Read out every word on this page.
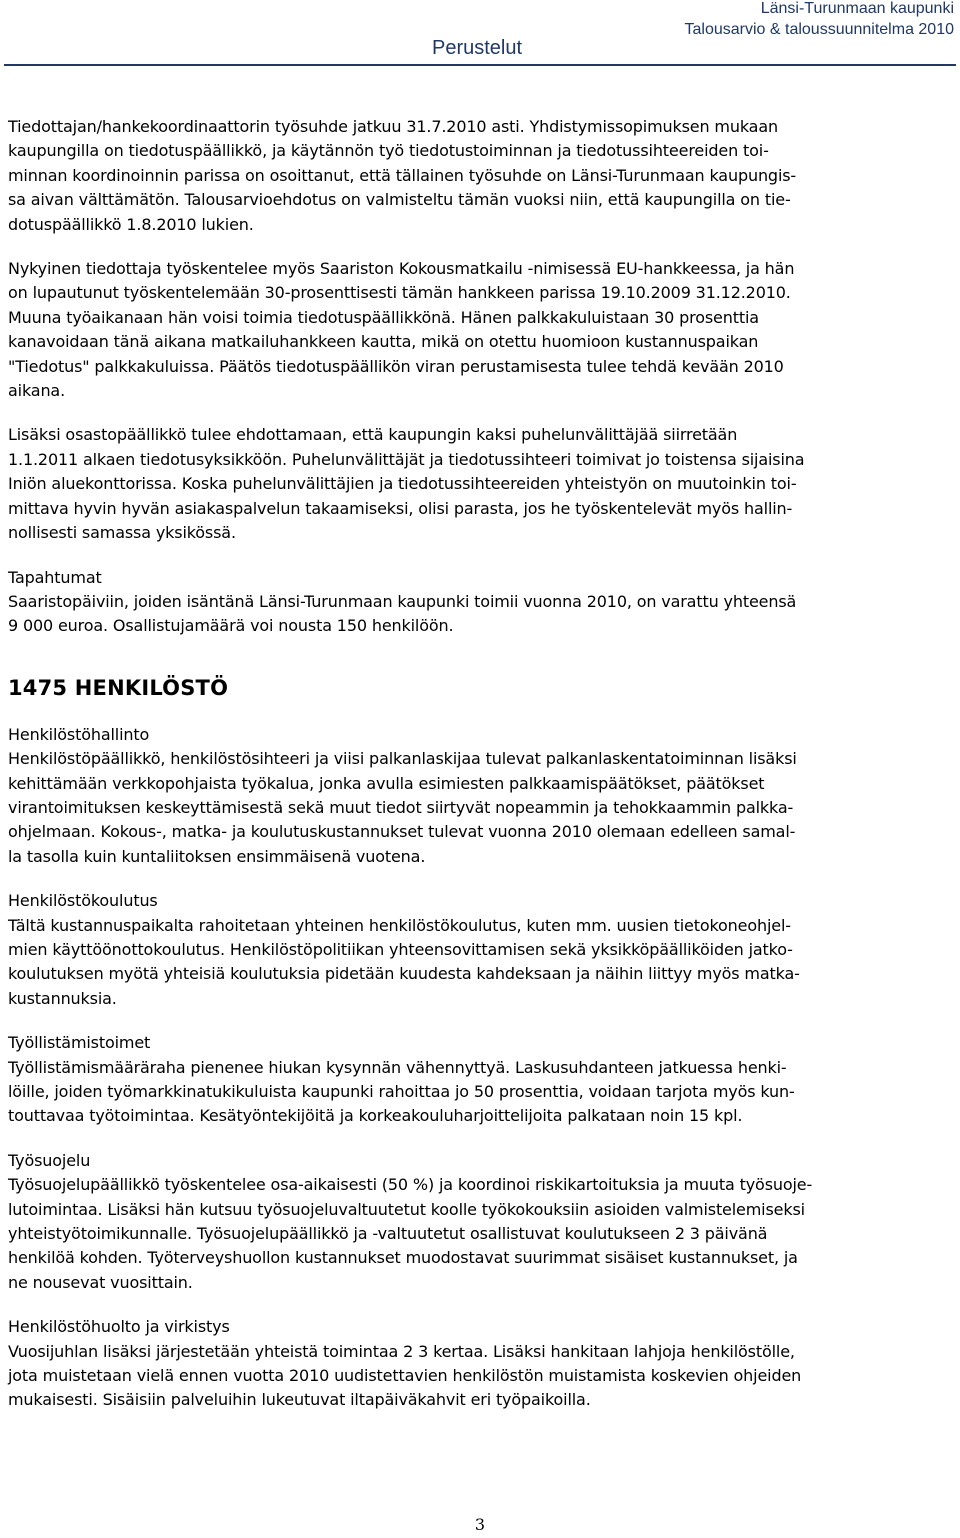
Perustelut
Länsi-Turunmaan kaupunki
Talousarvio & taloussuunnitelma 2010

Tiedottajan/hankekoordinaattorin työsuhde jatkuu 31.7.2010 asti. Yhdistymissopimuksen mukaan
kaupungilla on tiedotuspäällikkö, ja käytännön työ tiedotustoiminnan ja tiedotussihteereiden toi-
minnan koordinoinnin parissa on osoittanut, että tällainen työsuhde on Länsi-Turunmaan kaupungis-
sa aivan välttämätön. Talousarvioehdotus on valmisteltu tämän vuoksi niin, että kaupungilla on tie-
dotuspäällikkö 1.8.2010 lukien.

Nykyinen tiedottaja työskentelee myös Saariston Kokousmatkailu -nimisessä EU-hankkeessa, ja hän
on lupautunut työskentelemään 30-prosenttisesti tämän hankkeen parissa 19.10.2009 31.12.2010.
Muuna työaikanaan hän voisi toimia tiedotuspäällikkönä. Hänen palkkakuluistaan 30 prosenttia
kanavoidaan tänä aikana matkailuhankkeen kautta, mikä on otettu huomioon kustannuspaikan
"Tiedotus" palkkakuluissa. Päätös tiedotuspäällikön viran perustamisesta tulee tehdä kevään 2010
aikana.

Lisäksi osastopäällikkö tulee ehdottamaan, että kaupungin kaksi puhelunvälittäjää siirretään
1.1.2011 alkaen tiedotusyksikköön. Puhelunvälittäjät ja tiedotussihteeri toimivat jo toistensa sijaisina
Iniön aluekonttorissa. Koska puhelunvälittäjien ja tiedotussihteereiden yhteistyön on muutoinkin toi-
mittava hyvin hyvän asiakaspalvelun takaamiseksi, olisi parasta, jos he työskentelevät myös hallin-
nollisesti samassa yksikössä.

Tapahtumat

Saaristopäiviin, joiden isäntänä Länsi-Turunmaan kaupunki toimii vuonna 2010, on varattu yhteensä
9 000 euroa. Osallistujamäärä voi nousta 150 henkilöön.

1475 HENKILÖSTÖ

Henkilöstöhallinto

Henkilöstöpäällikkö, henkilöstösihteeri ja viisi palkanlaskijaa tulevat palkanlaskentatoiminnan lisäksi
kehittämään verkkopohjaista työkalua, jonka avulla esimiesten palkkaamispäätökset, päätökset
virantoimituksen keskeyttämisestä sekä muut tiedot siirtyvät nopeammin ja tehokkaammin palkka-
ohjelmaan. Kokous-, matka- ja koulutuskustannukset tulevat vuonna 2010 olemaan edelleen samal-
la tasolla kuin kuntaliitoksen ensimmäisenä vuotena.

Henkilöstökoulutus

Tältä kustannuspaikalta rahoitetaan yhteinen henkilöstökoulutus, kuten mm. uusien tietokoneohjel-
mien käyttöönottokoulutus. Henkilöstöpolitiikan yhteensovittamisen sekä yksikköpäälliköiden jatko-
koulutuksen myötä yhteisiä koulutuksia pidetään kuudesta kahdeksaan ja näihin liittyy myös matka-
kustannuksia.

Työllistämistoimet

Työllistämismääräraha pienenee hiukan kysynnän vähennyttyä. Laskusuhdanteen jatkuessa henki-
löille, joiden työmarkkinatukikuluista kaupunki rahoittaa jo 50 prosenttia, voidaan tarjota myös kun-
touttavaa työtoimintaa. Kesätyöntekijöitä ja korkeakouluharjoittelijoita palkataan noin 15 kpl.

Työsuojelu

Työsuojelupäällikkö työskentelee osa-aikaisesti (50 %) ja koordinoi riskikartoituksia ja muuta työsuoje-
lutoimintaa. Lisäksi hän kutsuu työsuojeluvaltuutetut koolle työkokouksiin asioiden valmistelemiseksi
yhteistyötoimikunnalle. Työsuojelupäällikkö ja -valtuutetut osallistuvat koulutukseen 2 3 päivänä
henkilöä kohden. Työterveyshuollon kustannukset muodostavat suurimmat sisäiset kustannukset, ja
ne nousevat vuosittain.

Henkilöstöhuolto ja virkistys

Vuosijuhlan lisäksi järjestetään yhteistä toimintaa 2 3 kertaa. Lisäksi hankitaan lahjoja henkilöstölle,
jota muistetaan vielä ennen vuotta 2010 uudistettavien henkilöstön muistamista koskevien ohjeiden
mukaisesti. Sisäisiin palveluihin lukeutuvat iltapäiväkahvit eri työpaikoilla.

3
